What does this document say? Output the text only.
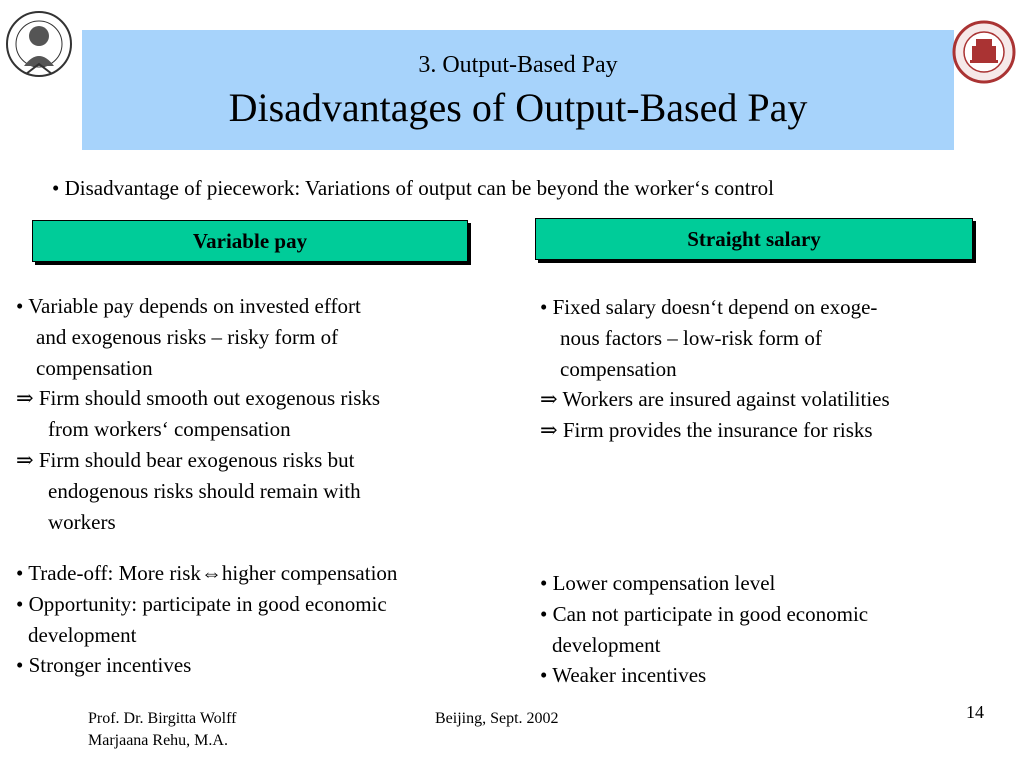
3. Output-Based Pay
Disadvantages of Output-Based Pay
• Disadvantage of piecework: Variations of output can be beyond the worker‘s control
Variable pay	Straight salary
• Variable pay depends on invested effort
and exogenous risks – risky form of
compensation
⇒ Firm should smooth out exogenous risks
from workers‘ compensation
⇒ Firm should bear exogenous risks but
endogenous risks should remain with
workers
• Trade-off: More risk⇔higher compensation
• Opportunity: participate in good economic
development
• Stronger incentives
• Fixed salary doesn‘t depend on exoge-
nous factors – low-risk form of
compensation
⇒ Workers are insured against volatilities
⇒ Firm provides the insurance for risks
• Lower compensation level
• Can not participate in good economic
development
• Weaker incentives
Prof. Dr. Birgitta Wolff
Marjaana Rehu, M.A.
Beijing, Sept. 2002	14
